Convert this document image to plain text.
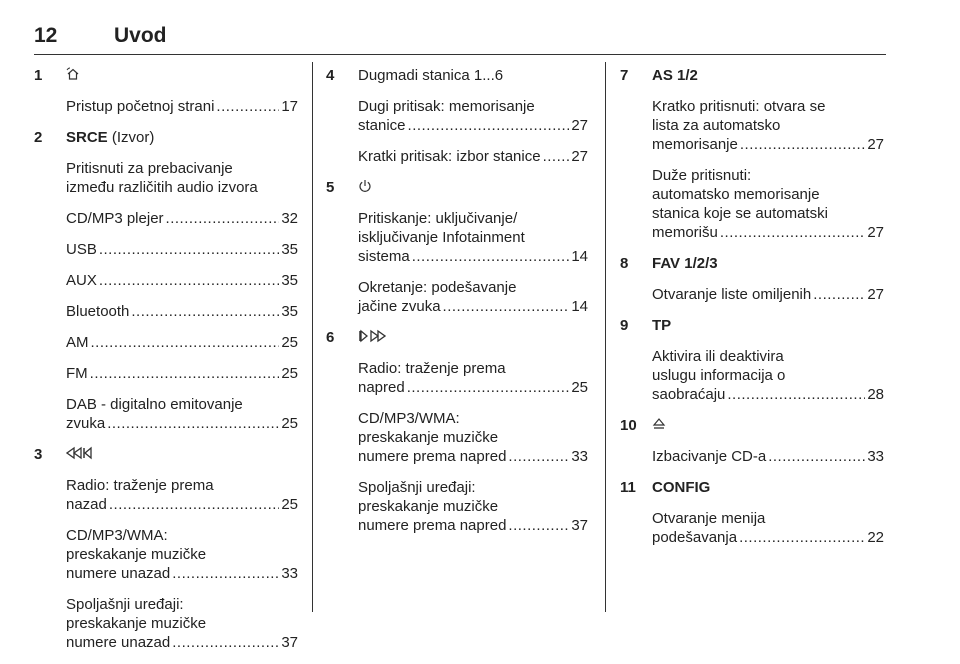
12	Uvod
1
Pristup početnoj strani .....	17
2 SRCE (Izvor)
Pritisnuti za prebacivanje
između različitih audio izvora
CD/MP3 plejer .....	32
USB .....	35
AUX .....	35
Bluetooth .....	35
AM .....	25
FM .....	25
DAB - digitalno emitovanje
zvuka .....	25
3
Radio: traženje prema
nazad .....	25
CD/MP3/WMA:
preskakanje muzičke
numere unazad .....	33
Spoljašnji uređaji:
preskakanje muzičke
numere unazad .....	37
4 Dugmadi stanica 1...6
Dugi pritisak: memorisanje
stanice .....	27
Kratki pritisak: izbor stanice ..... 27
5
Pritiskanje: uključivanje/
isključivanje Infotainment
sistema .....	14
Okretanje: podešavanje
jačine zvuka .....	14
6
Radio: traženje prema
napred .....	25
CD/MP3/WMA:
preskakanje muzičke
numere prema napred .....	33
Spoljašnji uređaji:
preskakanje muzičke
numere prema napred .....	37
7 AS 1/2
Kratko pritisnuti: otvara se
lista za automatsko
memorisanje .....	27
Duže pritisnuti:
automatsko memorisanje
stanica koje se automatski
memorišu .....	27
8 FAV 1/2/3
Otvaranje liste omiljenih .....	27
9 TP
Aktivira ili deaktivira
uslugu informacija o
saobraćaju .....	28
10
Izbacivanje CD-a .....	33
11 CONFIG
Otvaranje menija
podešavanja .....	22
